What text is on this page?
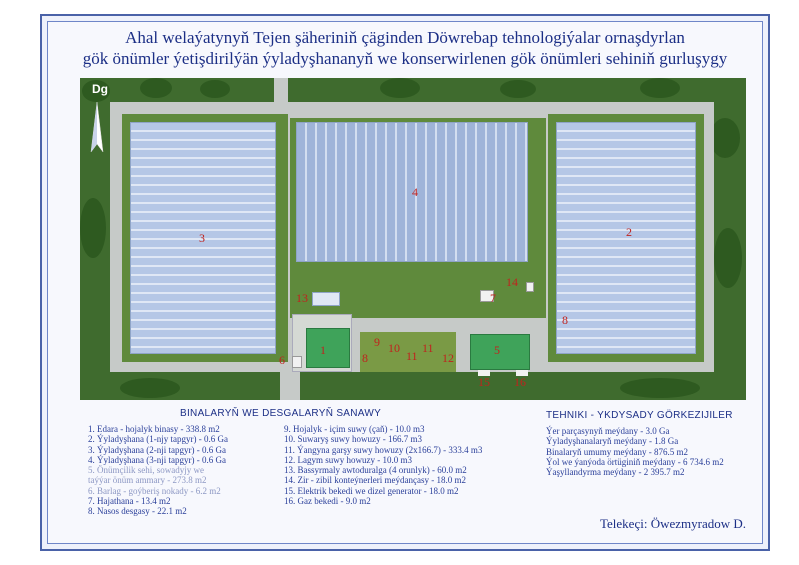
Ahal welaýatynyň Tejen şäheriniň çäginden Döwrebap tehnologiýalar ornaşdyrlan
gök önümler ýetişdirilýän ýyladyşhananyň we konserwirlenen gök önümleri sehiniň gurluşygy
Dg
3
4
2
13
14
7
8
1
9 10 11
11
8	12
5
6
15 16
BINALARYŇ WE DESGALARYŇ SANAWY
1. Edara - hojalyk binasy - 338.8 m2
2. Ýyladyşhana (1-njy tapgyr) - 0.6 Ga
3. Ýyladyşhana (2-nji tapgyr) - 0.6 Ga
4. Ýyladyşhana (3-nji tapgyr) - 0.6 Ga
5. Önümçilik sehi, sowadyjy we
taýýar önüm ammary - 273.8 m2
6. Barlag - goýberiş nokady - 6.2 m2
7. Hajathana - 13.4 m2
8. Nasos desgasy - 22.1 m2
9. Hojalyk - içim suwy (çaň) - 10.0 m3
10. Suwaryş suwy howuzy - 166.7 m3
11. Ýangyna garşy suwy howuzy (2x166.7) - 333.4 m3
12. Lagym suwy howuzy - 10.0 m3
13. Bassyrmaly awtoduralga (4 orunlyk) - 60.0 m2
14. Zir - zibil konteýnerleri meýdançasy - 18.0 m2
15. Elektrik bekedi we dizel generator - 18.0 m2
16. Gaz bekedi - 9.0 m2
TEHNIKI - YKDYSADY GÖRKEZIJILER
Ýer parçasynyň meýdany - 3.0 Ga
Ýyladyşhanalaryň meýdany - 1.8 Ga
Binalaryň umumy meýdany - 876.5 m2
Ýol we ýanýoda örtüginiň meýdany - 6 734.6 m2
Ýaşyllandyrma meýdany - 2 395.7 m2
Telekeçi: Öwezmyradow D.
